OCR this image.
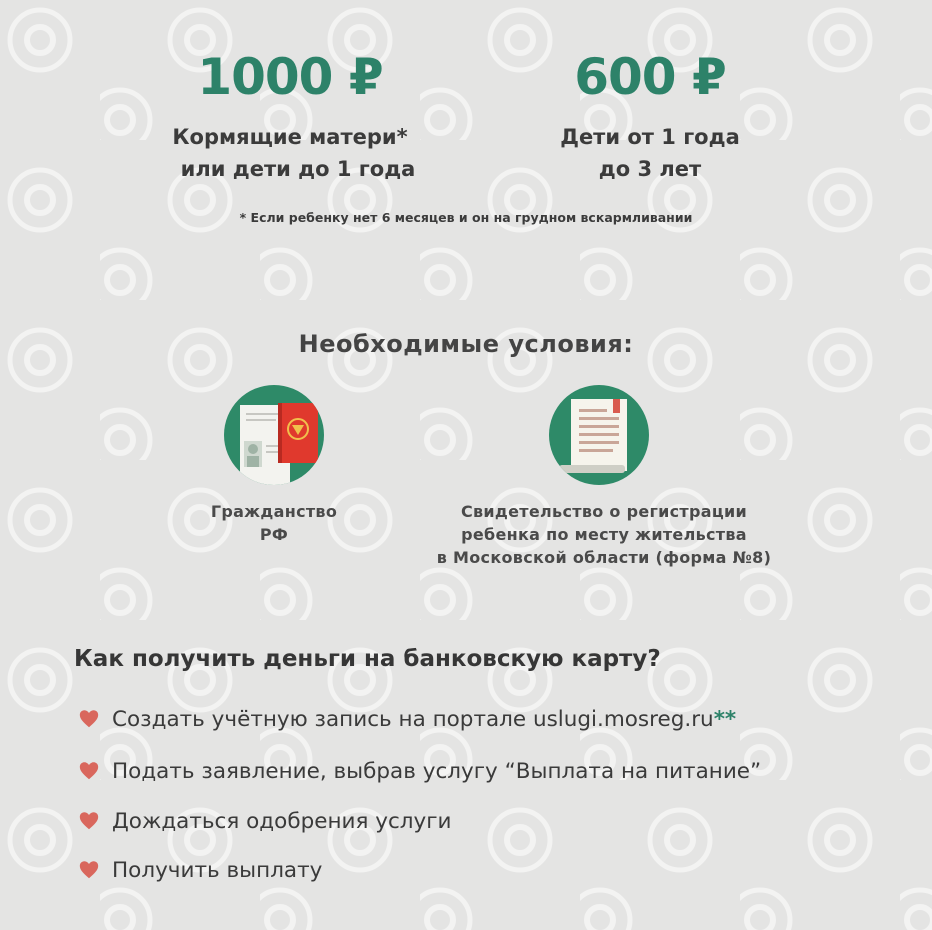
1000 ₽
Кормящие матери*
или дети до 1 года
600 ₽
Дети от 1 года
до 3 лет
* Если ребенку нет 6 месяцев и он на грудном вскармливании
Необходимые условия:
Гражданство
РФ
Свидетельство о регистрации
ребенка по месту жительства
в Московской области (форма №8)
Как получить деньги на банковскую карту?
Создать учётную запись на портале uslugi.mosreg.ru **
Подать заявление, выбрав услугу “Выплата на питание”
Дождаться одобрения услуги
Получить выплату
